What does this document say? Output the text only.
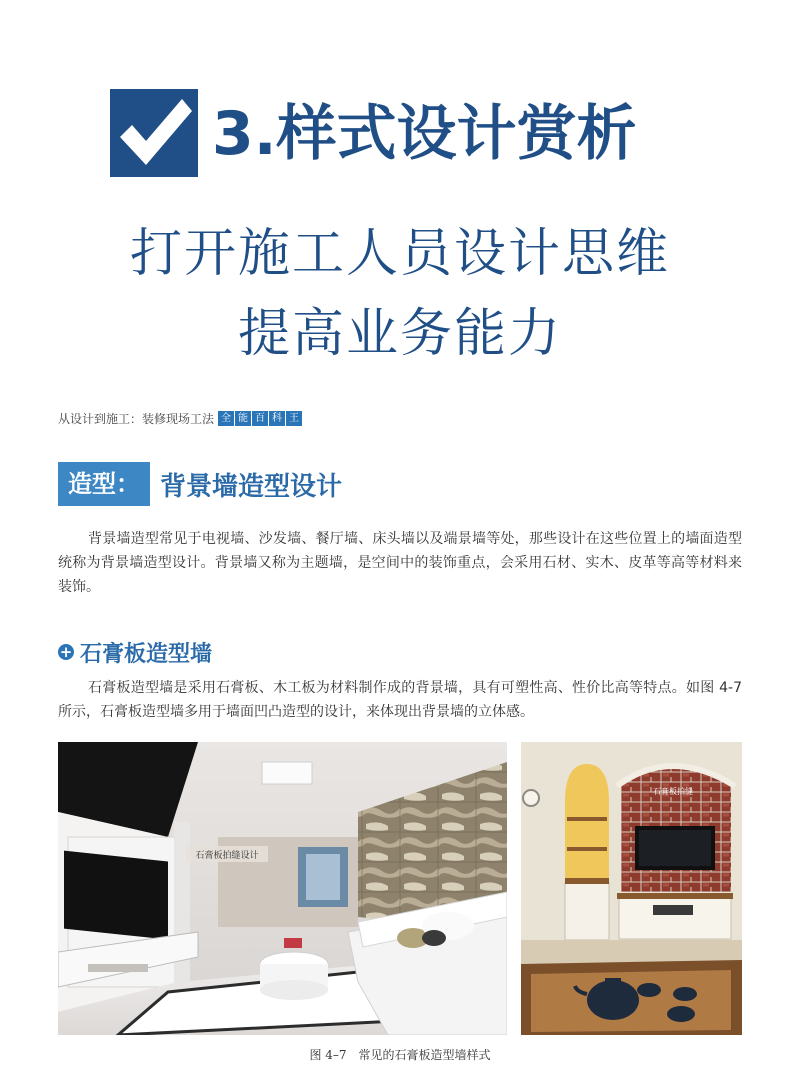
3.样式设计赏析
打开施工人员设计思维
提高业务能力
从设计到施工：装修现场工法 全 能 百 科 王
造型： 背景墙造型设计
背景墙造型常见于电视墙、沙发墙、餐厅墙、床头墙以及端景墙等处，那些设计在这些位置上的墙面造型统称为背景墙造型设计。背景墙又称为主题墙，是空间中的装饰重点，会采用石材、实木、皮革等高等材料来装饰。
+ 石膏板造型墙
石膏板造型墙是采用石膏板、木工板为材料制作成的背景墙，具有可塑性高、性价比高等特点。如图 4-7 所示，石膏板造型墙多用于墙面凹凸造型的设计，来体现出背景墙的立体感。
石膏板拍缝设计
石膏板拍缝
图 4–7 常见的石膏板造型墙样式
